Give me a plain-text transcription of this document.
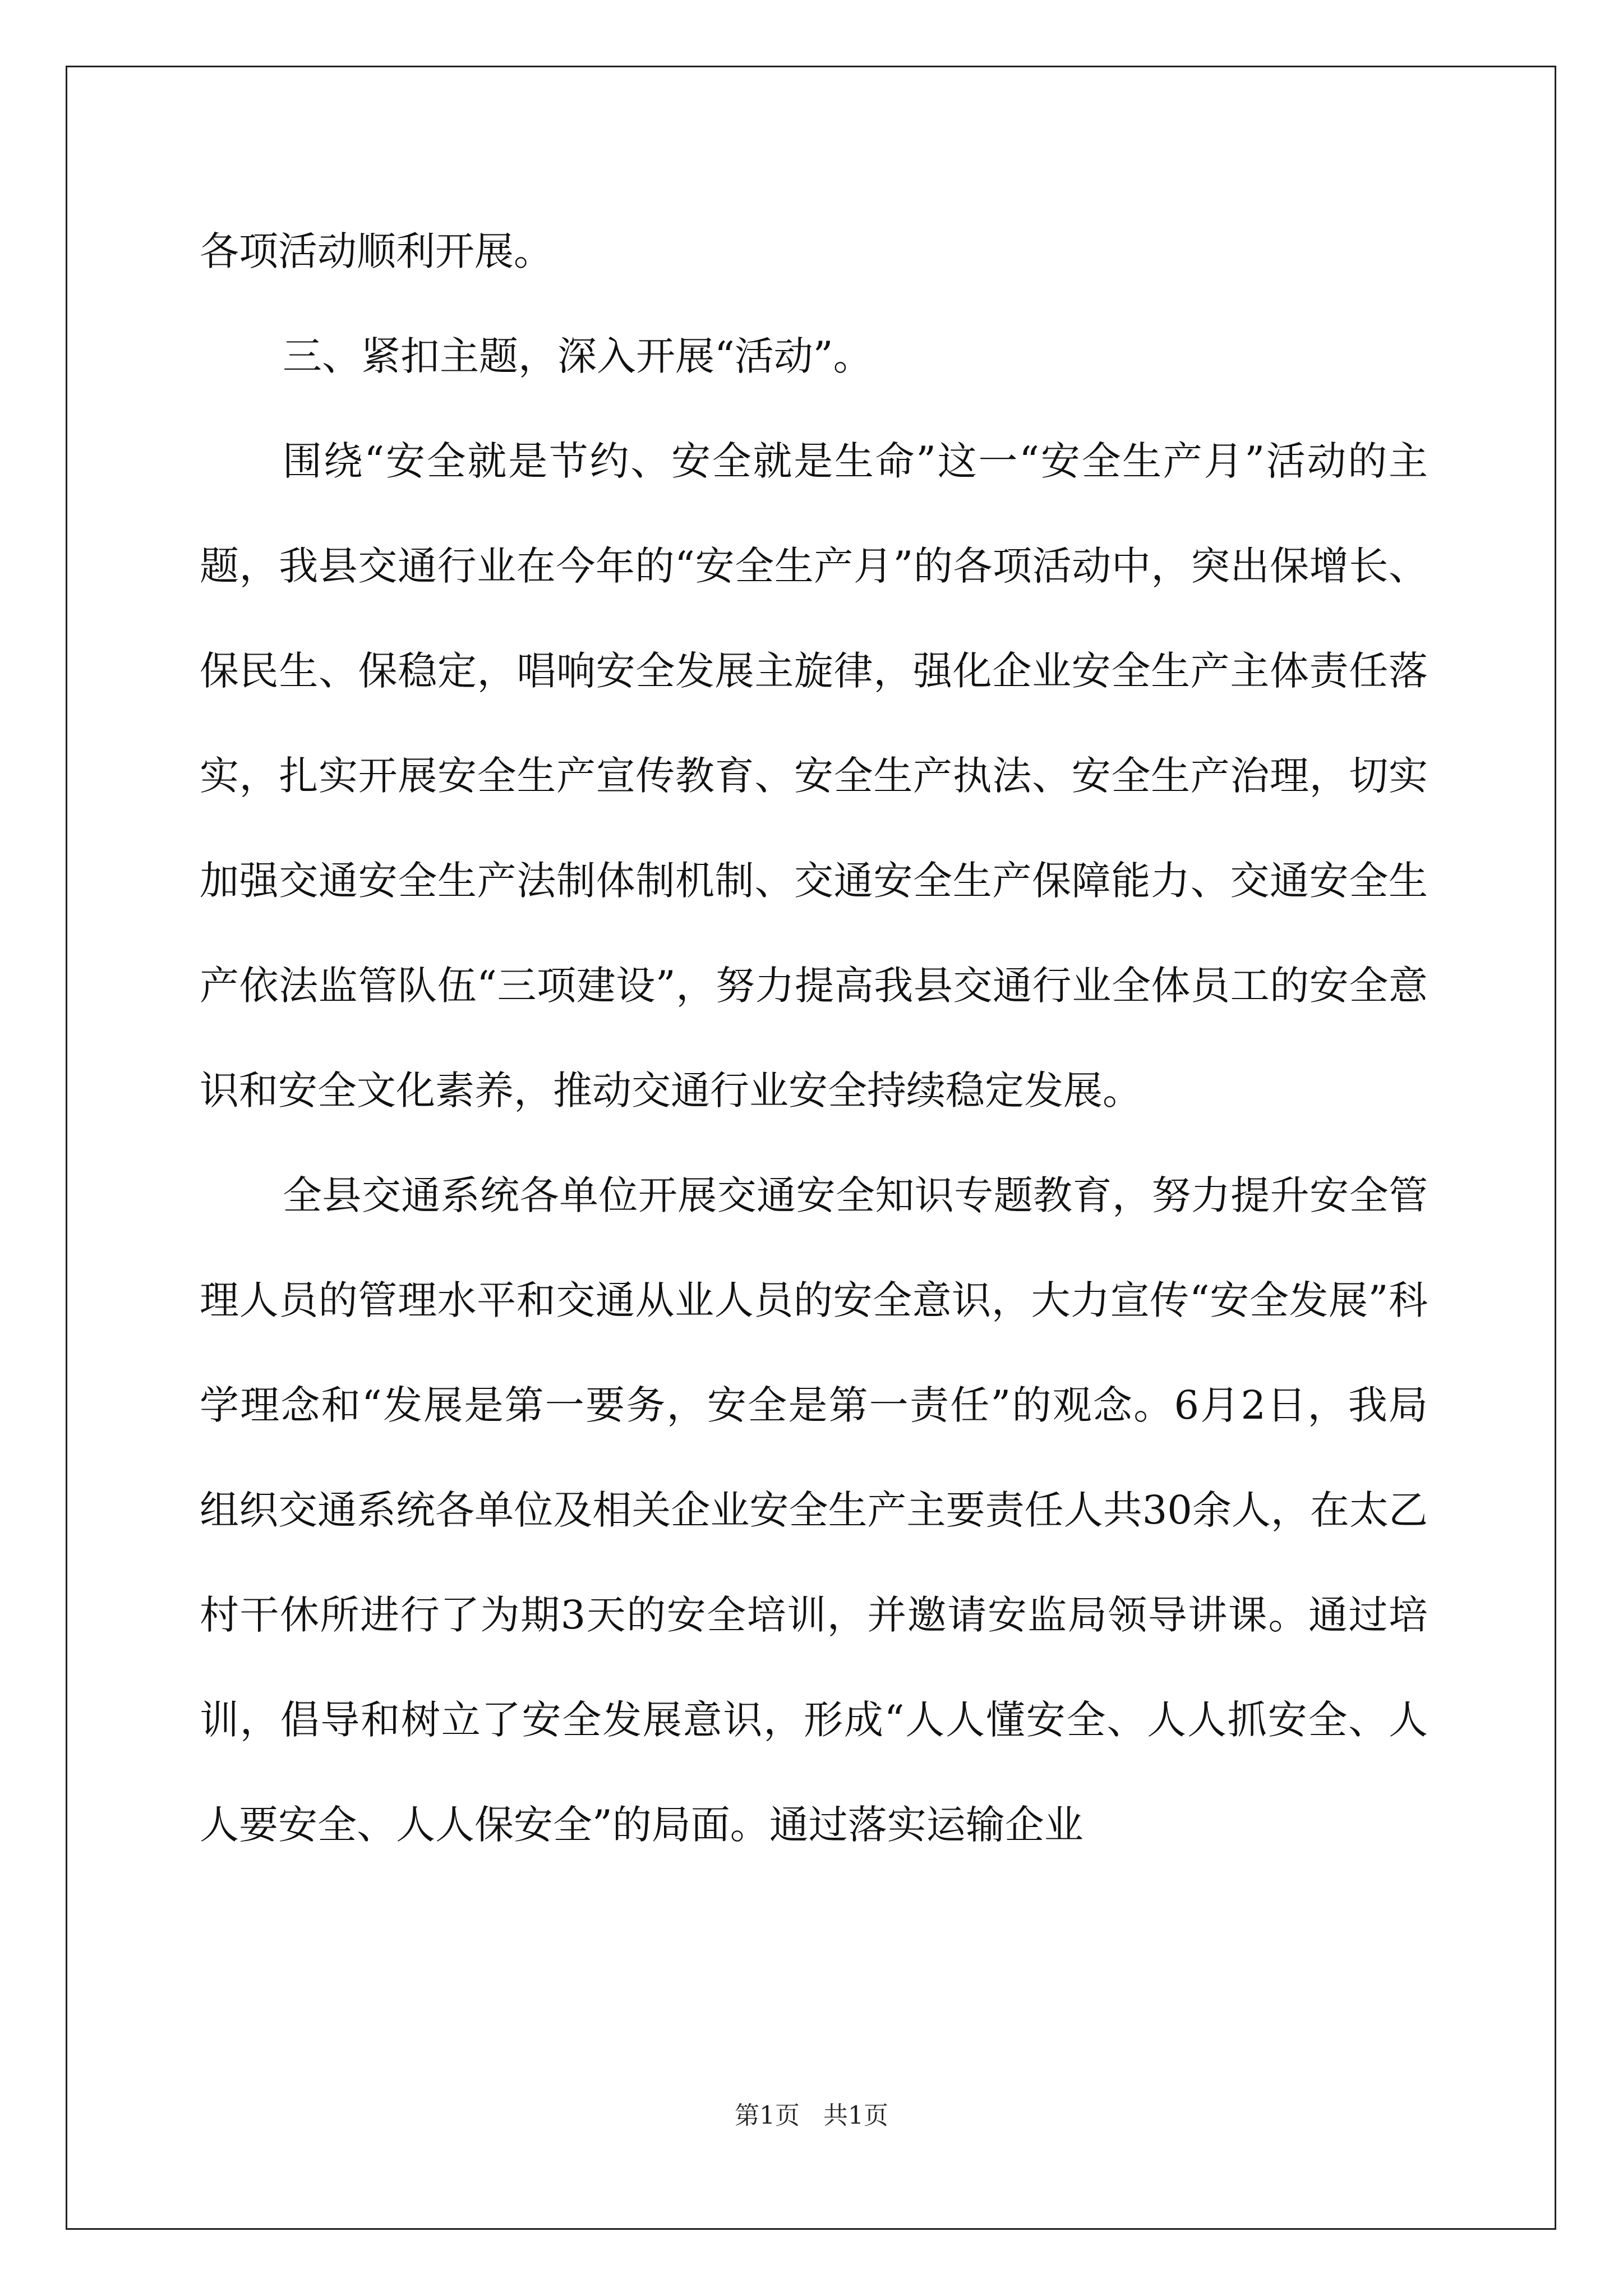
各项活动顺利开展。

三、紧扣主题，深入开展“活动”。

围绕“安全就是节约、安全就是生命”这一“安全生产月”活动的主题，我县交通行业在今年的“安全生产月”的各项活动中，突出保增长、保民生、保稳定，唱响安全发展主旋律，强化企业安全生产主体责任落实，扎实开展安全生产宣传教育、安全生产执法、安全生产治理，切实加强交通安全生产法制体制机制、交通安全生产保障能力、交通安全生产依法监管队伍“三项建设”，努力提高我县交通行业全体员工的安全意识和安全文化素养，推动交通行业安全持续稳定发展。

全县交通系统各单位开展交通安全知识专题教育，努力提升安全管理人员的管理水平和交通从业人员的安全意识，大力宣传“安全发展”科学理念和“发展是第一要务，安全是第一责任”的观念。6月2日，我局组织交通系统各单位及相关企业安全生产主要责任人共30余人，在太乙村干休所进行了为期3天的安全培训，并邀请安监局领导讲课。通过培训，倡导和树立了安全发展意识，形成“人人懂安全、人人抓安全、人人要安全、人人保安全”的局面。通过落实运输企业

第1页   共1页
